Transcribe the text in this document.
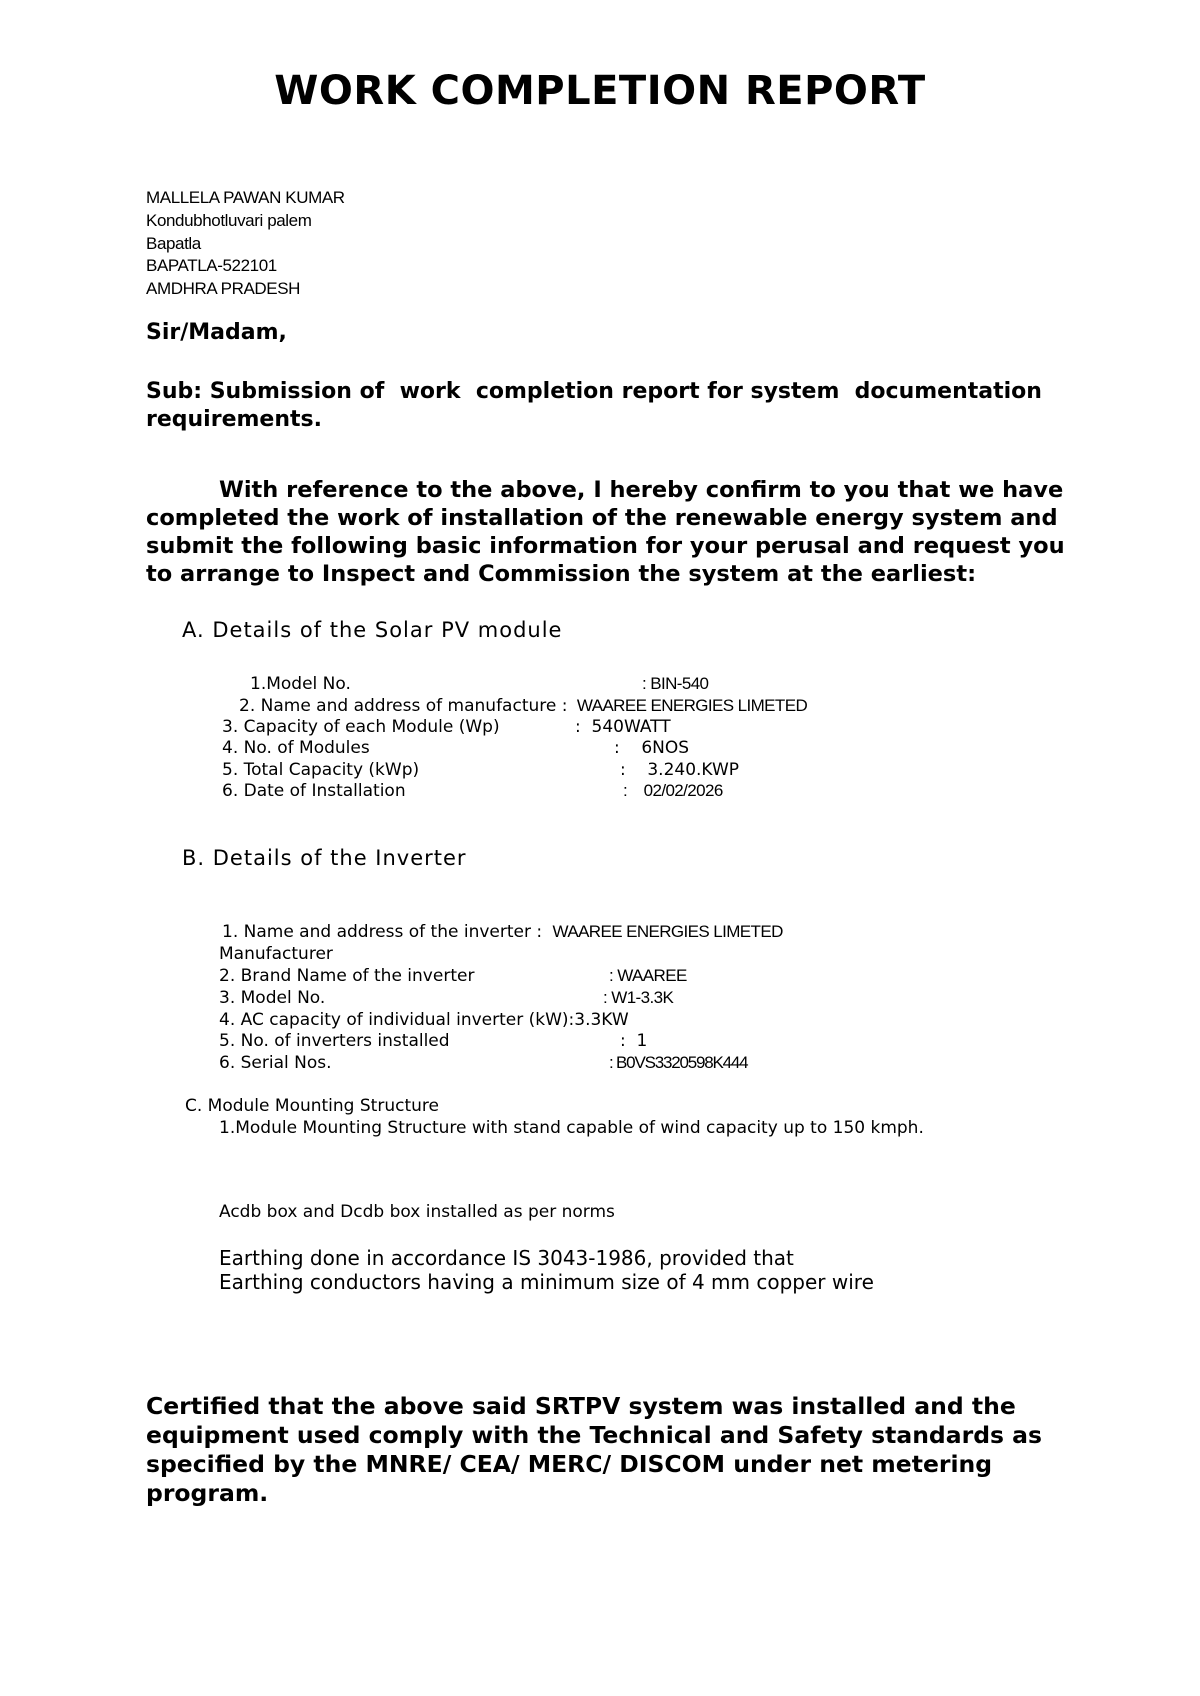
WORK COMPLETION REPORT
MALLELA PAWAN KUMAR
Kondubhotluvari palem
Bapatla
BAPATLA-522101
AMDHRA PRADESH
Sir/Madam,
Sub: Submission of  work  completion report for system  documentation
requirements.
With reference to the above, I hereby confirm to you that we have
completed the work of installation of the renewable energy system and
submit the following basic information for your perusal and request you
to arrange to Inspect and Commission the system at the earliest:
A. Details of the Solar PV module
1.Model No.	: BIN-540
2. Name and address of manufacture : WAAREE ENERGIES LIMETED
3. Capacity of each Module (Wp)	:  540WATT
4. No. of Modules	:    6NOS
5. Total Capacity (kWp)	:    3.240.KWP
6. Date of Installation	:    02/02/2026
B. Details of the Inverter
1. Name and address of the inverter : WAAREE ENERGIES LIMETED
Manufacturer
2. Brand Name of the inverter	: WAAREE
3. Model No.	: W1-3.3K
4. AC capacity of individual inverter (kW):3.3KW
5. No. of inverters installed	:  1
6. Serial Nos.	: B0VS3320598K444
C. Module Mounting Structure
1.Module Mounting Structure with stand capable of wind capacity up to 150 kmph.
Acdb box and Dcdb box installed as per norms
Earthing done in accordance IS 3043-1986, provided that
Earthing conductors having a minimum size of 4 mm copper wire
Certified that the above said SRTPV system was installed and the
equipment used comply with the Technical and Safety standards as
specified by the MNRE/ CEA/ MERC/ DISCOM under net metering
program.
